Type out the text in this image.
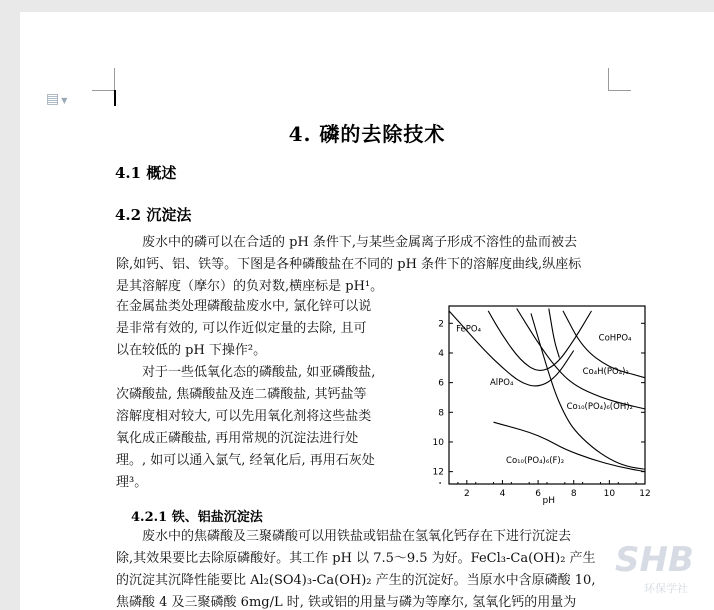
▤ ▼
4. 磷的去除技术
4.1 概述
4.2 沉淀法
　　废水中的磷可以在合适的 pH 条件下,与某些金属离子形成不溶性的盐而被去
除,如钙、铝、铁等。下图是各种磷酸盐在不同的 pH 条件下的溶解度曲线,纵座标
是其溶解度（摩尔）的负对数,横座标是 pH¹。
在金属盐类处理磷酸盐废水中, 氯化锌可以说
是非常有效的, 可以作近似定量的去除, 且可
以在较低的 pH 下操作²。
　　对于一些低氧化态的磷酸盐, 如亚磷酸盐,
次磷酸盐, 焦磷酸盐及连二磷酸盐, 其钙盐等
溶解度相对较大, 可以先用氧化剂将这些盐类
氧化成正磷酸盐, 再用常规的沉淀法进行处
理。, 如可以通入氯气, 经氧化后, 再用石灰处
理³。
4.2.1 铁、铝盐沉淀法
　　废水中的焦磷酸及三聚磷酸可以用铁盐或铝盐在氢氧化钙存在下进行沉淀去
除,其效果要比去除原磷酸好。其工作 pH 以 7.5～9.5 为好。FeCl₃-Ca(OH)₂ 产生
的沉淀其沉降性能要比 Al₂(SO4)₃-Ca(OH)₂ 产生的沉淀好。当原水中含原磷酸 10,
焦磷酸 4 及三聚磷酸 6mg/L 时, 铁或铝的用量与磷为等摩尔, 氢氧化钙的用量为
2	4	6	8	10	12
2
4
6
8
10
12
pH
FePO₄
AlPO₄
CoHPO₄
Co₄H(PO₄)₃
Co₁₀(PO₄)₆(OH)₂
Co₁₀(PO₄)₆(F)₂
SHB
环保学社
